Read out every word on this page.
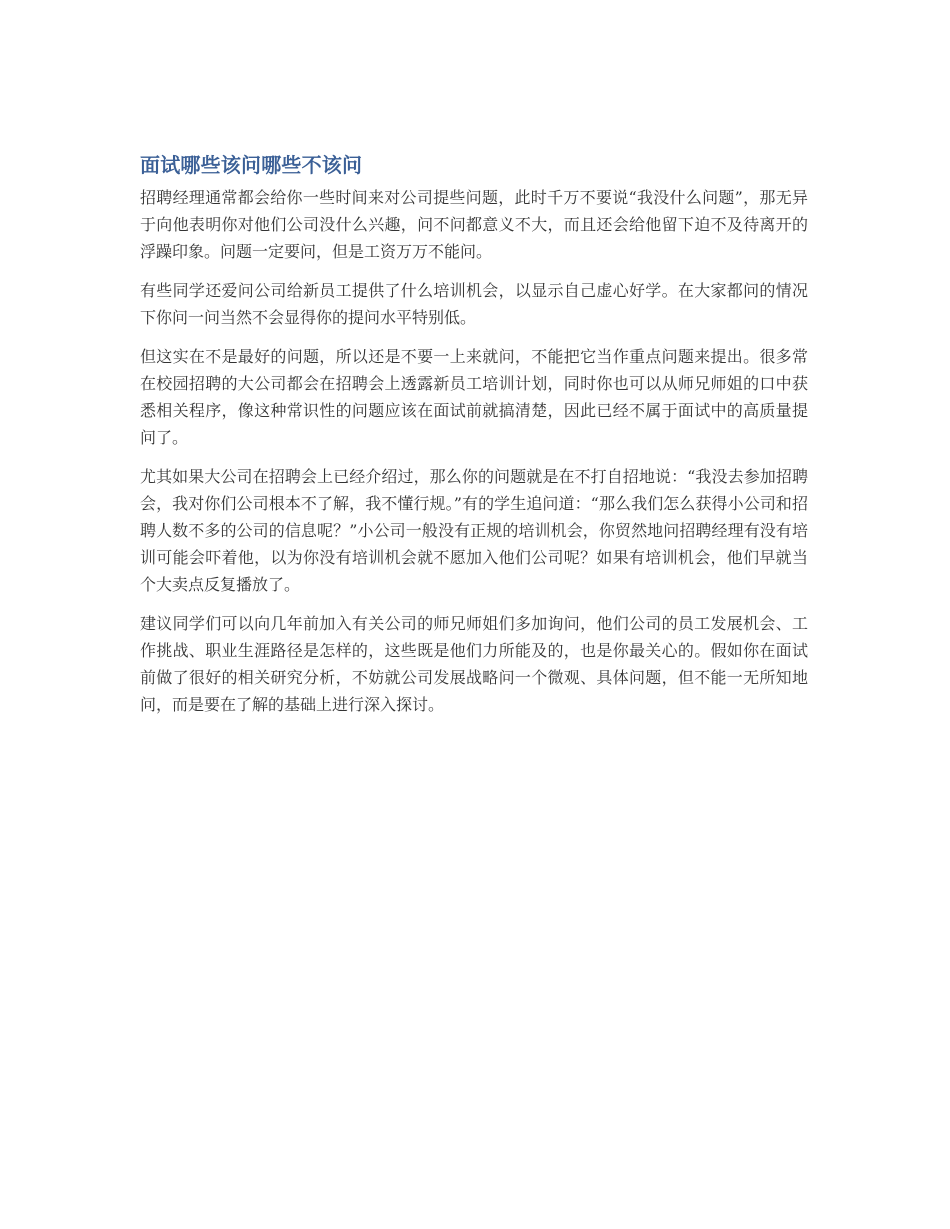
面试哪些该问哪些不该问

招聘经理通常都会给你一些时间来对公司提些问题，此时千万不要说“我没什么问题”，那无异于向他表明你对他们公司没什么兴趣，问不问都意义不大，而且还会给他留下迫不及待离开的浮躁印象。问题一定要问，但是工资万万不能问。

有些同学还爱问公司给新员工提供了什么培训机会，以显示自己虚心好学。在大家都问的情况下你问一问当然不会显得你的提问水平特别低。

但这实在不是最好的问题，所以还是不要一上来就问，不能把它当作重点问题来提出。很多常在校园招聘的大公司都会在招聘会上透露新员工培训计划，同时你也可以从师兄师姐的口中获悉相关程序，像这种常识性的问题应该在面试前就搞清楚，因此已经不属于面试中的高质量提问了。

尤其如果大公司在招聘会上已经介绍过，那么你的问题就是在不打自招地说：“我没去参加招聘会，我对你们公司根本不了解，我不懂行规。”有的学生追问道：“那么我们怎么获得小公司和招聘人数不多的公司的信息呢？”小公司一般没有正规的培训机会，你贸然地问招聘经理有没有培训可能会吓着他，以为你没有培训机会就不愿加入他们公司呢？如果有培训机会，他们早就当个大卖点反复播放了。

建议同学们可以向几年前加入有关公司的师兄师姐们多加询问，他们公司的员工发展机会、工作挑战、职业生涯路径是怎样的，这些既是他们力所能及的，也是你最关心的。假如你在面试前做了很好的相关研究分析，不妨就公司发展战略问一个微观、具体问题，但不能一无所知地问，而是要在了解的基础上进行深入探讨。
